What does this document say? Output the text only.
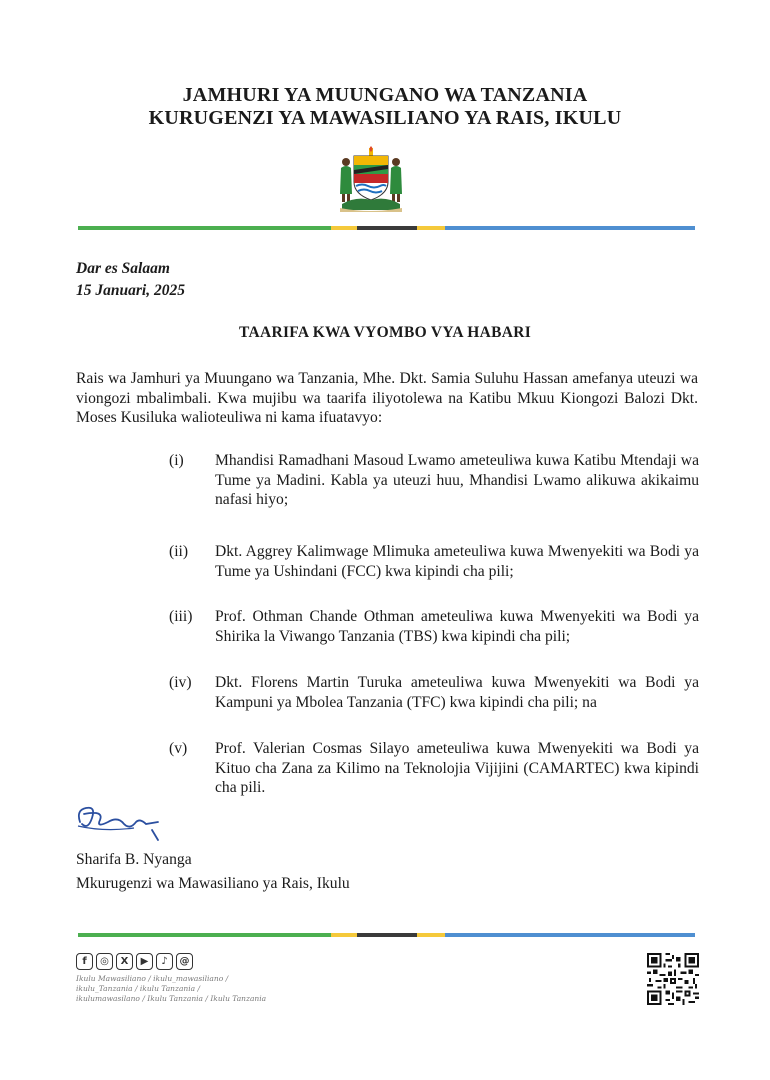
JAMHURI YA MUUNGANO WA TANZANIA
KURUGENZI YA MAWASILIANO YA RAIS, IKULU
Dar es Salaam
15 Januari, 2025
TAARIFA KWA VYOMBO VYA HABARI
Rais wa Jamhuri ya Muungano wa Tanzania, Mhe. Dkt. Samia Suluhu Hassan amefanya uteuzi wa viongozi mbalimbali. Kwa mujibu wa taarifa iliyotolewa na Katibu Mkuu Kiongozi Balozi Dkt. Moses Kusiluka walioteuliwa ni kama ifuatavyo:
(i) Mhandisi Ramadhani Masoud Lwamo ameteuliwa kuwa Katibu Mtendaji wa Tume ya Madini. Kabla ya uteuzi huu, Mhandisi Lwamo alikuwa akikaimu nafasi hiyo;
(ii) Dkt. Aggrey Kalimwage Mlimuka ameteuliwa kuwa Mwenyekiti wa Bodi ya Tume ya Ushindani (FCC) kwa kipindi cha pili;
(iii) Prof. Othman Chande Othman ameteuliwa kuwa Mwenyekiti wa Bodi ya Shirika la Viwango Tanzania (TBS) kwa kipindi cha pili;
(iv) Dkt. Florens Martin Turuka ameteuliwa kuwa Mwenyekiti wa Bodi ya Kampuni ya Mbolea Tanzania (TFC) kwa kipindi cha pili; na
(v) Prof. Valerian Cosmas Silayo ameteuliwa kuwa Mwenyekiti wa Bodi ya Kituo cha Zana za Kilimo na Teknolojia Vijijini (CAMARTEC) kwa kipindi cha pili.
Sharifa B. Nyanga
Mkurugenzi wa Mawasiliano ya Rais, Ikulu
f	◎	X	▶	♪	@
Ikulu Mawasiliano / ikulu_mawasiliano /
ikulu_Tanzania / ikulu Tanzania /
ikulumawasilano / Ikulu Tanzania / Ikulu Tanzania
